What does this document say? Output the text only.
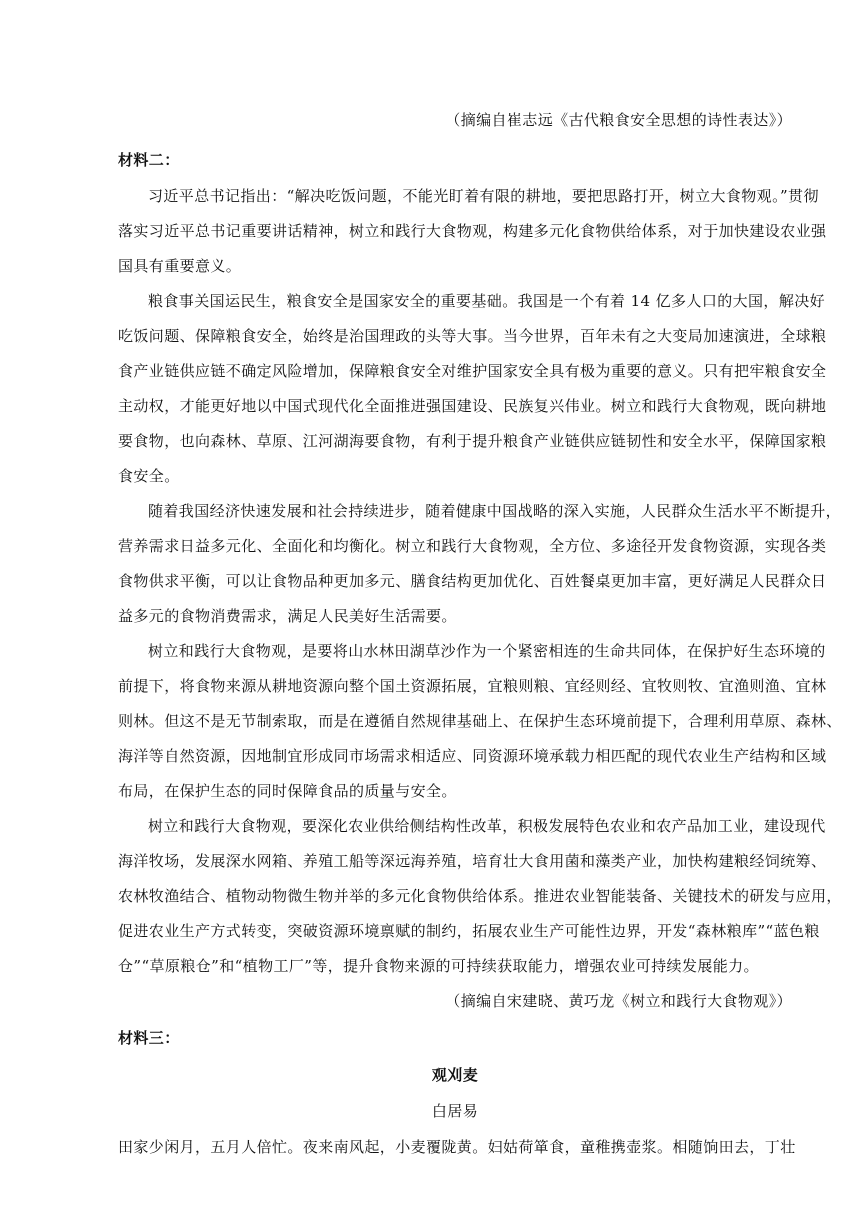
（摘编自崔志远《古代粮食安全思想的诗性表达》）
材料二：
习近平总书记指出：“解决吃饭问题，不能光盯着有限的耕地，要把思路打开，树立大食物观。”贯彻
落实习近平总书记重要讲话精神，树立和践行大食物观，构建多元化食物供给体系，对于加快建设农业强
国具有重要意义。
粮食事关国运民生，粮食安全是国家安全的重要基础。我国是一个有着 14 亿多人口的大国，解决好
吃饭问题、保障粮食安全，始终是治国理政的头等大事。当今世界，百年未有之大变局加速演进，全球粮
食产业链供应链不确定风险增加，保障粮食安全对维护国家安全具有极为重要的意义。只有把牢粮食安全
主动权，才能更好地以中国式现代化全面推进强国建设、民族复兴伟业。树立和践行大食物观，既向耕地
要食物，也向森林、草原、江河湖海要食物，有利于提升粮食产业链供应链韧性和安全水平，保障国家粮
食安全。
随着我国经济快速发展和社会持续进步，随着健康中国战略的深入实施，人民群众生活水平不断提升，
营养需求日益多元化、全面化和均衡化。树立和践行大食物观，全方位、多途径开发食物资源，实现各类
食物供求平衡，可以让食物品种更加多元、膳食结构更加优化、百姓餐桌更加丰富，更好满足人民群众日
益多元的食物消费需求，满足人民美好生活需要。
树立和践行大食物观，是要将山水林田湖草沙作为一个紧密相连的生命共同体，在保护好生态环境的
前提下，将食物来源从耕地资源向整个国土资源拓展，宜粮则粮、宜经则经、宜牧则牧、宜渔则渔、宜林
则林。但这不是无节制索取，而是在遵循自然规律基础上、在保护生态环境前提下，合理利用草原、森林、
海洋等自然资源，因地制宜形成同市场需求相适应、同资源环境承载力相匹配的现代农业生产结构和区域
布局，在保护生态的同时保障食品的质量与安全。
树立和践行大食物观，要深化农业供给侧结构性改革，积极发展特色农业和农产品加工业，建设现代
海洋牧场，发展深水网箱、养殖工船等深远海养殖，培育壮大食用菌和藻类产业，加快构建粮经饲统筹、
农林牧渔结合、植物动物微生物并举的多元化食物供给体系。推进农业智能装备、关键技术的研发与应用，
促进农业生产方式转变，突破资源环境禀赋的制约，拓展农业生产可能性边界，开发“森林粮库”“蓝色粮
仓”“草原粮仓”和“植物工厂”等，提升食物来源的可持续获取能力，增强农业可持续发展能力。
（摘编自宋建晓、黄巧龙《树立和践行大食物观》）
材料三：
观刈麦
白居易
田家少闲月，五月人倍忙。夜来南风起，小麦覆陇黄。妇姑荷箪食，童稚携壶浆。相随饷田去，丁壮
